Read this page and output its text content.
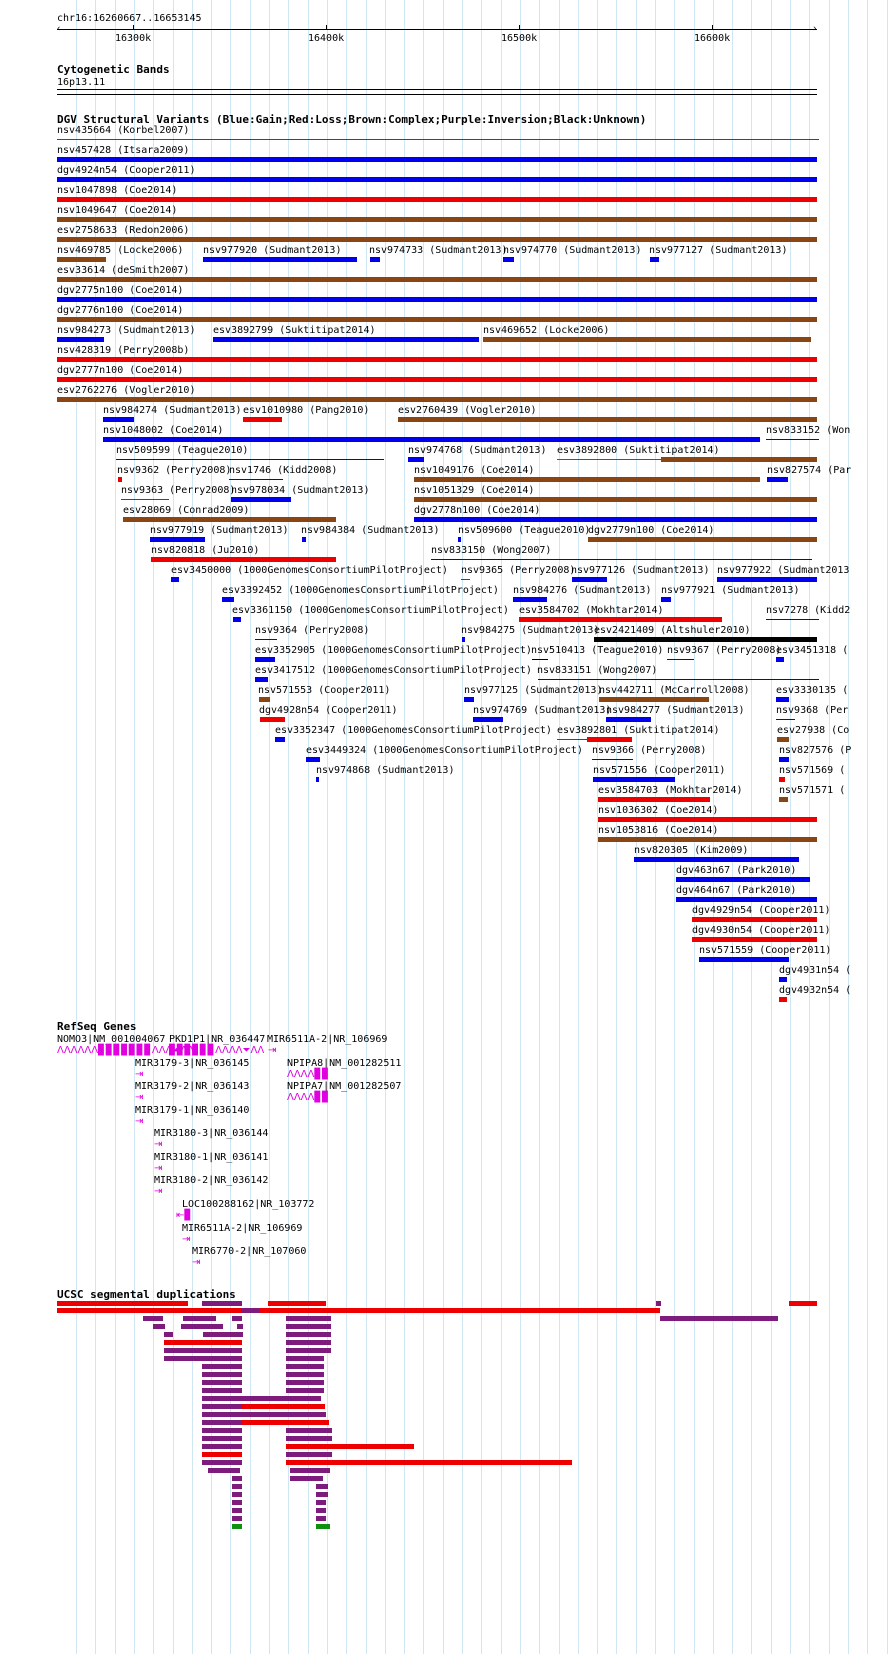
chr16:16260667..16653145
‹	›
16300k	16400k	16500k	16600k
Cytogenetic Bands
16p13.11
DGV Structural Variants (Blue:Gain;Red:Loss;Brown:Complex;Purple:Inversion;Black:Unknown)
nsv435664 (Korbel2007)
nsv457428 (Itsara2009)
dgv4924n54 (Cooper2011)
nsv1047898 (Coe2014)
nsv1049647 (Coe2014)
esv2758633 (Redon2006)
nsv469785 (Locke2006) nsv977920 (Sudmant2013)	nsv974733 (Sudmant2013)
nsv974770 (Sudmant2013) nsv977127 (Sudmant2013)
esv33614 (deSmith2007)
dgv2775n100 (Coe2014)
dgv2776n100 (Coe2014)
nsv984273 (Sudmant2013) esv3892799 (Suktitipat2014)	nsv469652 (Locke2006)
nsv428319 (Perry2008b)
dgv2777n100 (Coe2014)
esv2762276 (Vogler2010)
nsv984274 (Sudmant2013) esv1010980 (Pang2010)	esv2760439 (Vogler2010)
nsv1048002 (Coe2014)	nsv833152 (Won
nsv509599 (Teague2010)	nsv974768 (Sudmant2013) esv3892800 (Suktitipat2014)
nsv9362 (Perry2008)
nsv1746 (Kidd2008)	nsv1049176 (Coe2014)	nsv827574 (Par
nsv9363 (Perry2008)
nsv978034 (Sudmant2013)	nsv1051329 (Coe2014)
esv28069 (Conrad2009)	dgv2778n100 (Coe2014)
nsv977919 (Sudmant2013) nsv984384 (Sudmant2013) nsv509600 (Teague2010)
dgv2779n100 (Coe2014)
nsv820818 (Ju2010)	nsv833150 (Wong2007)
esv3450000 (1000GenomesConsortiumPilotProject) nsv9365 (Perry2008)
nsv977126 (Sudmant2013) nsv977922 (Sudmant2013
esv3392452 (1000GenomesConsortiumPilotProject) nsv984276 (Sudmant2013) nsv977921 (Sudmant2013)
esv3361150 (1000GenomesConsortiumPilotProject) esv3584702 (Mokhtar2014)	nsv7278 (Kidd2
nsv9364 (Perry2008)	nsv984275 (Sudmant2013)
esv2421409 (Altshuler2010)
esv3352905 (1000GenomesConsortiumPilotProject) nsv510413 (Teague2010) nsv9367 (Perry2008)
esv3451318 (
esv3417512 (1000GenomesConsortiumPilotProject) nsv833151 (Wong2007)
nsv571553 (Cooper2011)	nsv977125 (Sudmant2013)
nsv442711 (McCarroll2008)	esv3330135 (
dgv4928n54 (Cooper2011)	nsv974769 (Sudmant2013)
nsv984277 (Sudmant2013)	nsv9368 (Per
esv3352347 (1000GenomesConsortiumPilotProject) esv3892801 (Suktitipat2014)	esv27938 (Co
esv3449324 (1000GenomesConsortiumPilotProject) nsv9366 (Perry2008)	nsv827576 (P
nsv974868 (Sudmant2013)	nsv571556 (Cooper2011)	nsv571569 (
esv3584703 (Mokhtar2014)	nsv571571 (
nsv1036302 (Coe2014)
nsv1053816 (Coe2014)
nsv820305 (Kim2009)
dgv463n67 (Park2010)
dgv464n67 (Park2010)
dgv4929n54 (Cooper2011)
dgv4930n54 (Cooper2011)
nsv571559 (Cooper2011)
dgv4931n54 (
dgv4932n54 (
RefSeq Genes
NOMO3|NM_001004067
ɅɅɅɅɅɅ▊▊▊▊▊▊▊ɅɅɅ⏶ɅɅ
PKD1P1|NR_036447
▊▊▊▊▊▊ɅɅɅɅ⏷ɅɅ
MIR6511A-2|NR_106969
⇥
MIR3179-3|NR_036145
⇥
NPIPA8|NM_001282511
ɅɅɅɅ▊▊
MIR3179-2|NR_036143
⇥
NPIPA7|NM_001282507
ɅɅɅɅ▊▊
MIR3179-1|NR_036140
⇥
MIR3180-3|NR_036144
⇥
MIR3180-1|NR_036141
⇥
MIR3180-2|NR_036142
⇥
LOC100288162|NR_103772
⇤▊
MIR6511A-2|NR_106969
⇥
MIR6770-2|NR_107060
⇥
UCSC segmental duplications
